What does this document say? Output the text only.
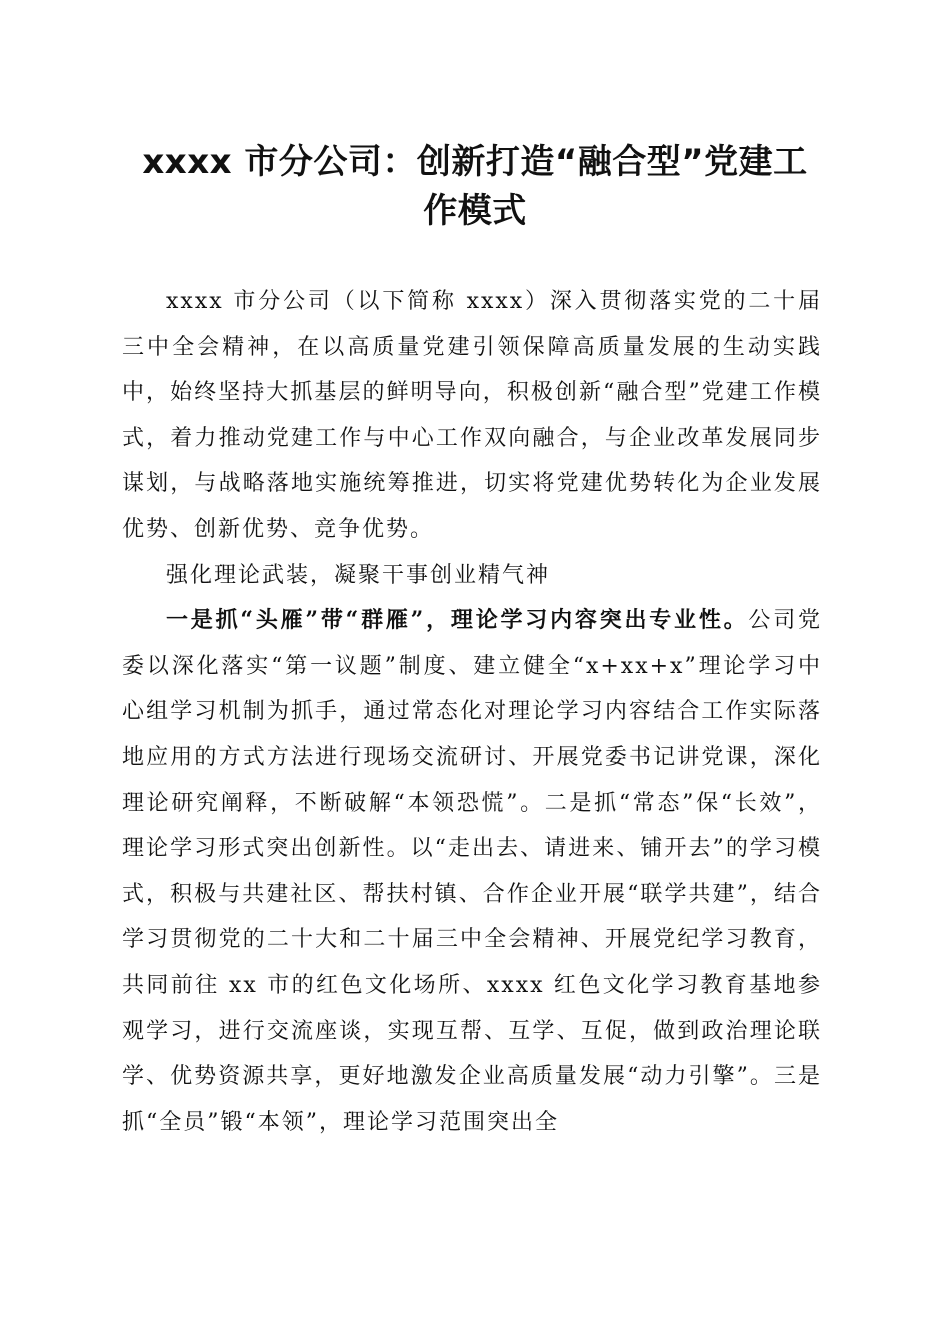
xxxx 市分公司：创新打造“融合型”党建工
作模式

xxxx 市分公司（以下简称 xxxx）深入贯彻落实党的二十届三中全会精神，在以高质量党建引领保障高质量发展的生动实践中，始终坚持大抓基层的鲜明导向，积极创新“融合型”党建工作模式，着力推动党建工作与中心工作双向融合，与企业改革发展同步谋划，与战略落地实施统筹推进，切实将党建优势转化为企业发展优势、创新优势、竞争优势。

强化理论武装，凝聚干事创业精气神

一是抓“头雁”带“群雁”，理论学习内容突出专业性。公司党委以深化落实“第一议题”制度、建立健全“x+xx+x”理论学习中心组学习机制为抓手，通过常态化对理论学习内容结合工作实际落地应用的方式方法进行现场交流研讨、开展党委书记讲党课，深化理论研究阐释，不断破解“本领恐慌”。二是抓“常态”保“长效”，理论学习形式突出创新性。以“走出去、请进来、铺开去”的学习模式，积极与共建社区、帮扶村镇、合作企业开展“联学共建”，结合学习贯彻党的二十大和二十届三中全会精神、开展党纪学习教育，共同前往 xx 市的红色文化场所、xxxx 红色文化学习教育基地参观学习，进行交流座谈，实现互帮、互学、互促，做到政治理论联学、优势资源共享，更好地激发企业高质量发展“动力引擎”。三是抓“全员”锻“本领”，理论学习范围突出全
